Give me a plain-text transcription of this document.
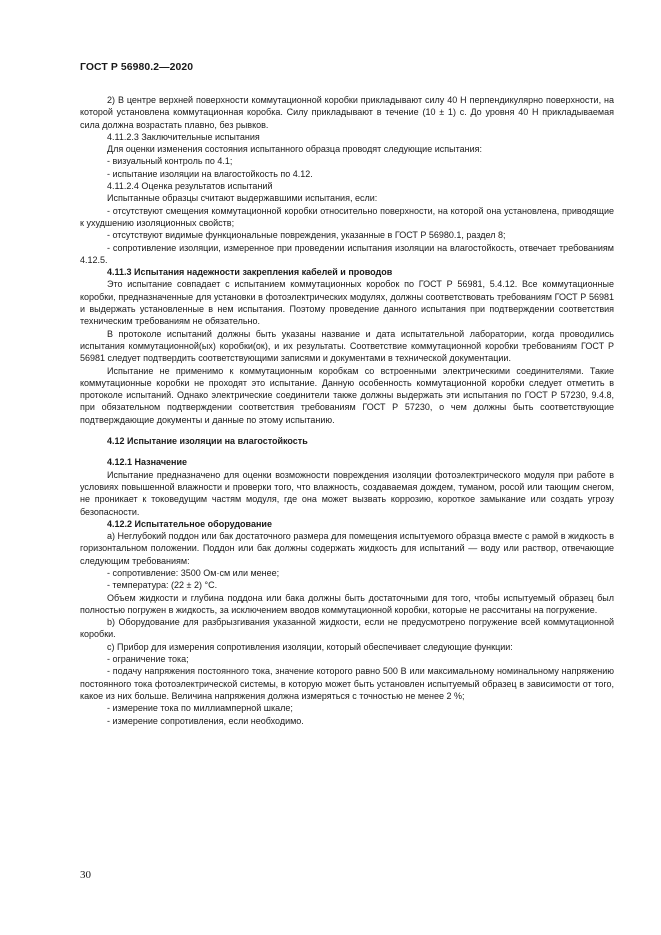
ГОСТ Р 56980.2—2020

2) В центре верхней поверхности коммутационной коробки прикладывают силу 40 Н перпендикулярно поверхности, на которой установлена коммутационная коробка. Силу прикладывают в течение (10 ± 1) с. До уровня 40 Н прикладываемая сила должна возрастать плавно, без рывков.

4.11.2.3 Заключительные испытания

Для оценки изменения состояния испытанного образца проводят следующие испытания:

- визуальный контроль по 4.1;

- испытание изоляции на влагостойкость по 4.12.

4.11.2.4 Оценка результатов испытаний

Испытанные образцы считают выдержавшими испытания, если:

- отсутствуют смещения коммутационной коробки относительно поверхности, на которой она установлена, приводящие к ухудшению изоляционных свойств;

- отсутствуют видимые функциональные повреждения, указанные в ГОСТ Р 56980.1, раздел 8;

- сопротивление изоляции, измеренное при проведении испытания изоляции на влагостойкость, отвечает требованиям 4.12.5.

4.11.3 Испытания надежности закрепления кабелей и проводов

Это испытание совпадает с испытанием коммутационных коробок по ГОСТ Р 56981, 5.4.12. Все коммутационные коробки, предназначенные для установки в фотоэлектрических модулях, должны соответствовать требованиям ГОСТ Р 56981 и выдержать установленные в нем испытания. Поэтому проведение данного испытания при подтверждении соответствия техническим требованиям не обязательно.

В протоколе испытаний должны быть указаны название и дата испытательной лаборатории, когда проводились испытания коммутационной(ых) коробки(ок), и их результаты. Соответствие коммутационной коробки требованиям ГОСТ Р 56981 следует подтвердить соответствующими записями и документами в технической документации.

Испытание не применимо к коммутационным коробкам со встроенными электрическими соединителями. Такие коммутационные коробки не проходят это испытание. Данную особенность коммутационной коробки следует отметить в протоколе испытаний. Однако электрические соединители также должны выдержать эти испытания по ГОСТ Р 57230, 9.4.8, при обязательном подтверждении соответствия требованиям ГОСТ Р 57230, о чем должны быть соответствующие подтверждающие документы и данные по этому испытанию.

4.12 Испытание изоляции на влагостойкость

4.12.1 Назначение

Испытание предназначено для оценки возможности повреждения изоляции фотоэлектрического модуля при работе в условиях повышенной влажности и проверки того, что влажность, создаваемая дождем, туманом, росой или тающим снегом, не проникает к токоведущим частям модуля, где она может вызвать коррозию, короткое замыкание или создать угрозу безопасности.

4.12.2 Испытательное оборудование

а) Неглубокий поддон или бак достаточного размера для помещения испытуемого образца вместе с рамой в жидкость в горизонтальном положении. Поддон или бак должны содержать жидкость для испытаний — воду или раствор, отвечающие следующим требованиям:

- сопротивление: 3500 Ом·см или менее;

- температура: (22 ± 2) °С.

Объем жидкости и глубина поддона или бака должны быть достаточными для того, чтобы испытуемый образец был полностью погружен в жидкость, за исключением вводов коммутационной коробки, которые не рассчитаны на погружение.

b) Оборудование для разбрызгивания указанной жидкости, если не предусмотрено погружение всей коммутационной коробки.

с) Прибор для измерения сопротивления изоляции, который обеспечивает следующие функции:

- ограничение тока;

- подачу напряжения постоянного тока, значение которого равно 500 В или максимальному номинальному напряжению постоянного тока фотоэлектрической системы, в которую может быть установлен испытуемый образец в зависимости от того, какое из них больше. Величина напряжения должна измеряться с точностью не менее 2 %;

- измерение тока по миллиамперной шкале;

- измерение сопротивления, если необходимо.

30
